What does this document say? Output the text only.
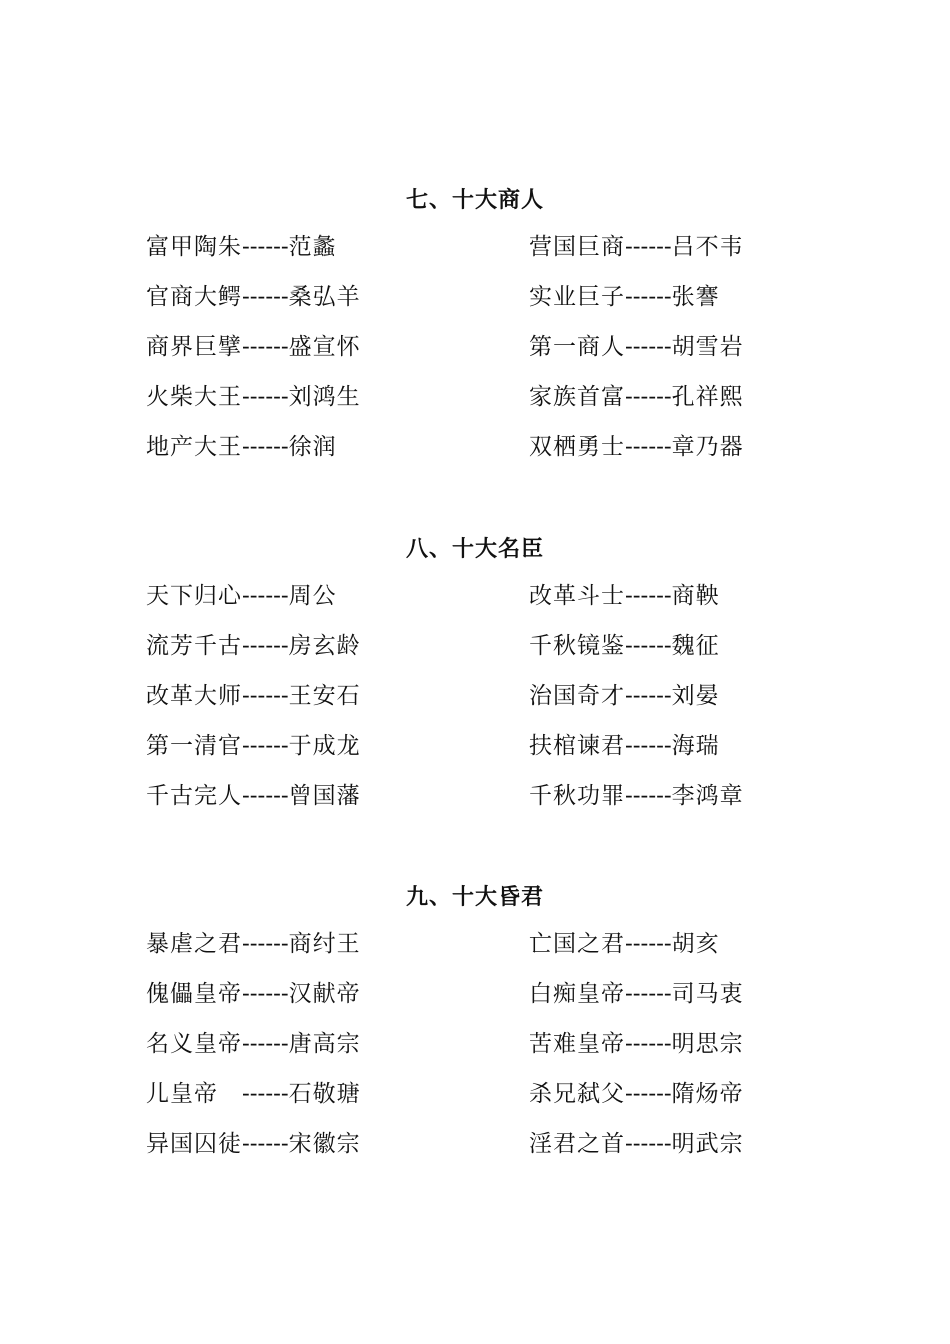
七、十大商人
富甲陶朱------范蠡
官商大鳄------桑弘羊
商界巨擘------盛宣怀
火柴大王------刘鸿生
地产大王------徐润
营国巨商------吕不韦
实业巨子------张謇
第一商人------胡雪岩
家族首富------孔祥熙
双栖勇士------章乃器
八、十大名臣
天下归心------周公
流芳千古------房玄龄
改革大师------王安石
第一清官------于成龙
千古完人------曾国藩
改革斗士------商鞅
千秋镜鉴------魏征
治国奇才------刘晏
扶棺谏君------海瑞
千秋功罪------李鸿章
九、十大昏君
暴虐之君------商纣王
傀儡皇帝------汉献帝
名义皇帝------唐高宗
儿皇帝　------石敬瑭
异国囚徒------宋徽宗
亡国之君------胡亥
白痴皇帝------司马衷
苦难皇帝------明思宗
杀兄弑父------隋炀帝
淫君之首------明武宗
